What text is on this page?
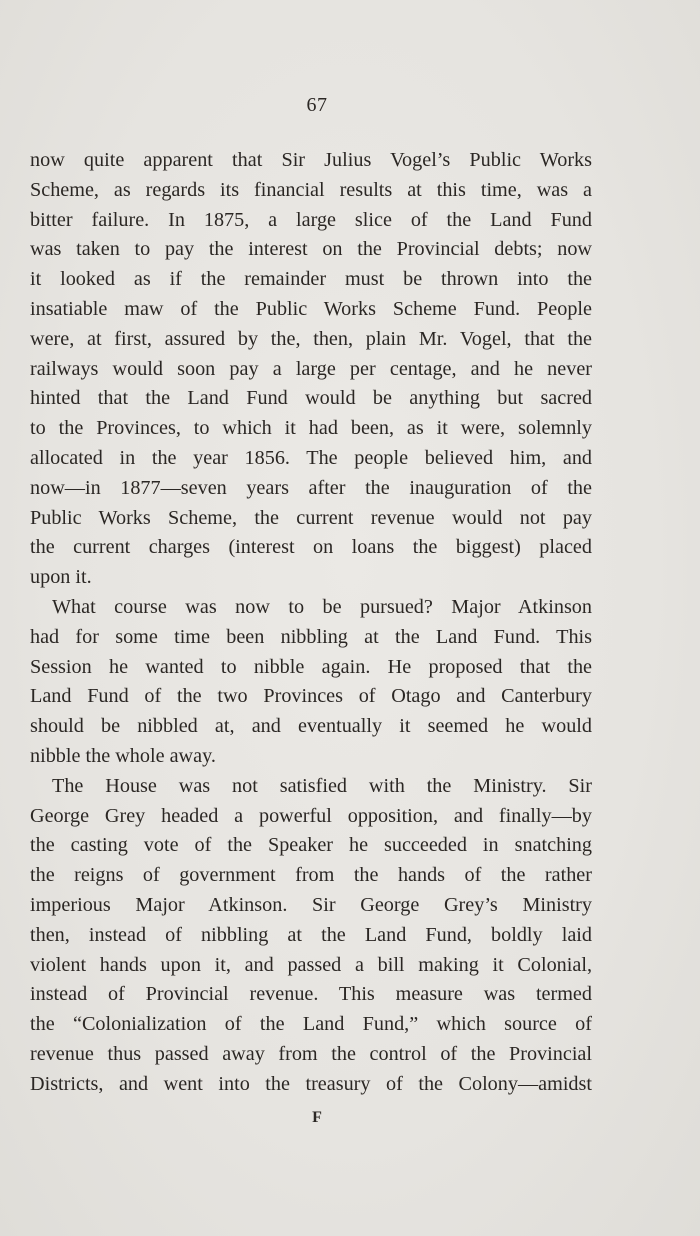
67
now quite apparent that Sir Julius Vogel’s Public Works
Scheme, as regards its financial results at this time, was a
bitter failure. In 1875, a large slice of the Land Fund
was taken to pay the interest on the Provincial debts; now
it looked as if the remainder must be thrown into the
insatiable maw of the Public Works Scheme Fund. People
were, at first, assured by the, then, plain Mr. Vogel, that the
railways would soon pay a large per centage, and he never
hinted that the Land Fund would be anything but sacred
to the Provinces, to which it had been, as it were, solemnly
allocated in the year 1856. The people believed him, and
now—in 1877—seven years after the inauguration of the
Public Works Scheme, the current revenue would not pay
the current charges (interest on loans the biggest) placed
upon it.
What course was now to be pursued? Major Atkinson
had for some time been nibbling at the Land Fund. This
Session he wanted to nibble again. He proposed that the
Land Fund of the two Provinces of Otago and Canterbury
should be nibbled at, and eventually it seemed he would
nibble the whole away.
The House was not satisfied with the Ministry. Sir
George Grey headed a powerful opposition, and finally—by
the casting vote of the Speaker he succeeded in snatching
the reigns of government from the hands of the rather
imperious Major Atkinson. Sir George Grey’s Ministry
then, instead of nibbling at the Land Fund, boldly laid
violent hands upon it, and passed a bill making it Colonial,
instead of Provincial revenue. This measure was termed
the “Colonialization of the Land Fund,” which source of
revenue thus passed away from the control of the Provincial
Districts, and went into the treasury of the Colony—amidst
F
